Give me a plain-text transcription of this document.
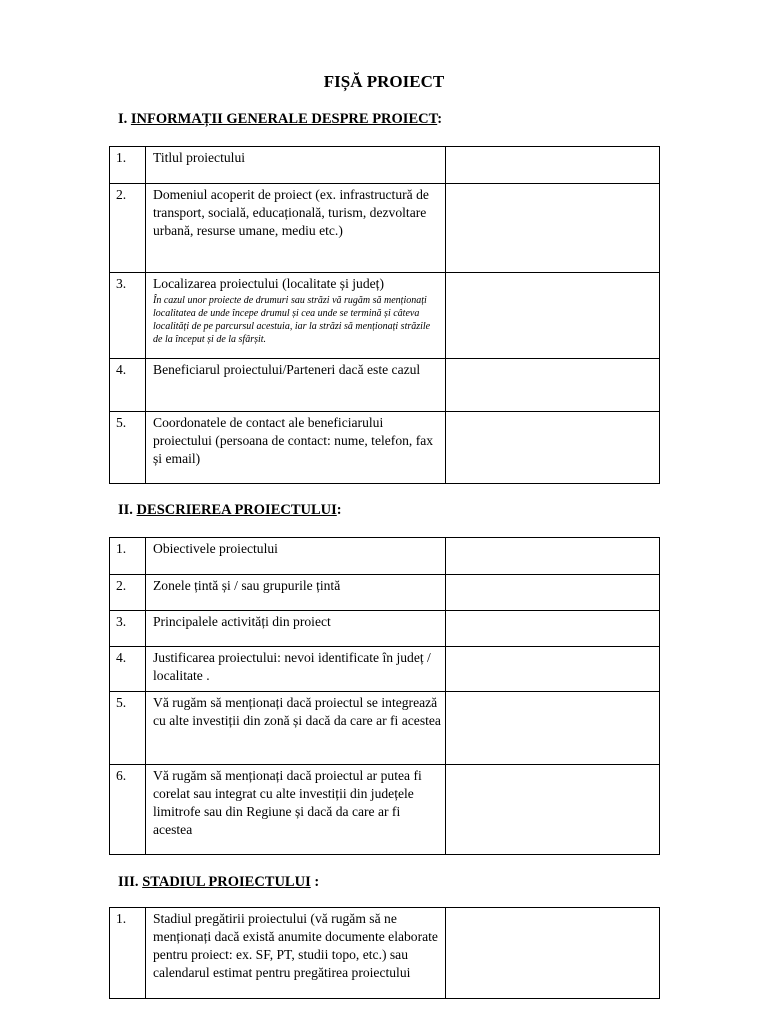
FIȘĂ PROIECT
I. INFORMAȚII GENERALE DESPRE PROIECT:
1.	Titlul proiectului	
2.	Domeniul acoperit de proiect (ex. infrastructură de transport, socială, educațională, turism, dezvoltare urbană, resurse umane, mediu etc.)	
3.	Localizarea proiectului (localitate și județ)
În cazul unor proiecte de drumuri sau străzi vă rugăm să menționați localitatea de unde începe drumul și cea unde se termină și câteva localități de pe parcursul acestuia, iar la străzi să menționați străzile de la început și de la sfârșit.	

4.	Beneficiarul proiectului/Parteneri dacă este cazul	
5.	Coordonatele de contact ale beneficiarului proiectului (persoana de contact: nume, telefon, fax și email)	
II. DESCRIEREA PROIECTULUI:
1.	Obiectivele proiectului	
2.	Zonele țintă și / sau grupurile țintă	
3.	Principalele activități din proiect	
4.	Justificarea proiectului: nevoi identificate în județ / localitate .	
5.	Vă rugăm să menționați dacă proiectul se integrează cu alte investiții din zonă și dacă da care ar fi acestea	
6.	Vă rugăm să menționați dacă proiectul ar putea fi corelat sau integrat cu alte investiții din județele limitrofe sau din Regiune și dacă da care ar fi acestea	
III. STADIUL PROIECTULUI :
1.	Stadiul pregătirii proiectului (vă rugăm să ne menționați dacă există anumite documente elaborate pentru proiect: ex. SF, PT, studii topo, etc.) sau calendarul estimat pentru pregătirea proiectului	
